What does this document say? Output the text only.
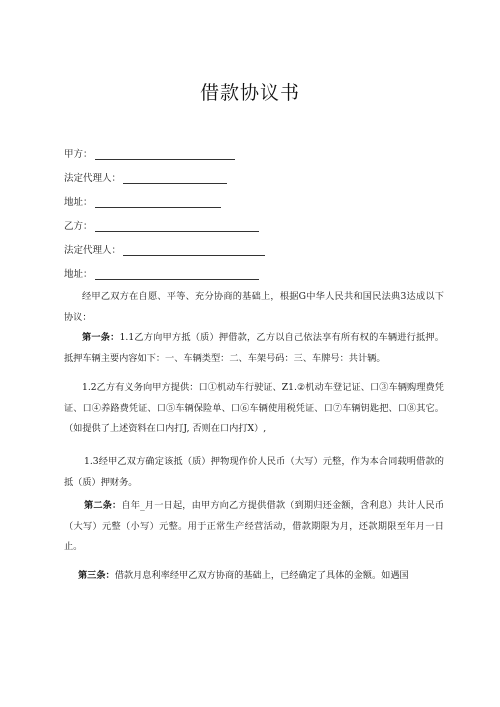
借款协议书
甲方：
法定代理人：
地址：
乙方：
法定代理人：
地址：

经甲乙双方在自愿、平等、充分协商的基础上，根据G中华人民共和国民法典3达成以下协议：

第一条：1.1乙方向甲方抵（质）押借款，乙方以自己依法享有所有权的车辆进行抵押。抵押车辆主要内容如下：一、车辆类型：二、车架号码：三、车牌号：共计辆。

1.2乙方有义务向甲方提供：口①机动车行驶证、Z1.②机动车登记证、口③车辆购理费凭证、口④养路费凭证、口⑤车辆保险单、口⑥车辆使用税凭证、口⑦车辆钥匙把、口⑧其它。（如提供了上述资料在口内打J, 否则在口内打X）,

1.3经甲乙双方确定该抵（质）押物现作价人民币（大写）元整，作为本合同载明借款的抵（质）押财务。

第二条：自年_月一日起，由甲方向乙方提供借款（到期归还金额，含利息）共计人民币（大写）元整（小写）元整。用于正常生产经营活动，借款期限为月，还款期限至年月一日止。

第三条：借款月息利率经甲乙双方协商的基础上，已经确定了具体的金额。如遇国
